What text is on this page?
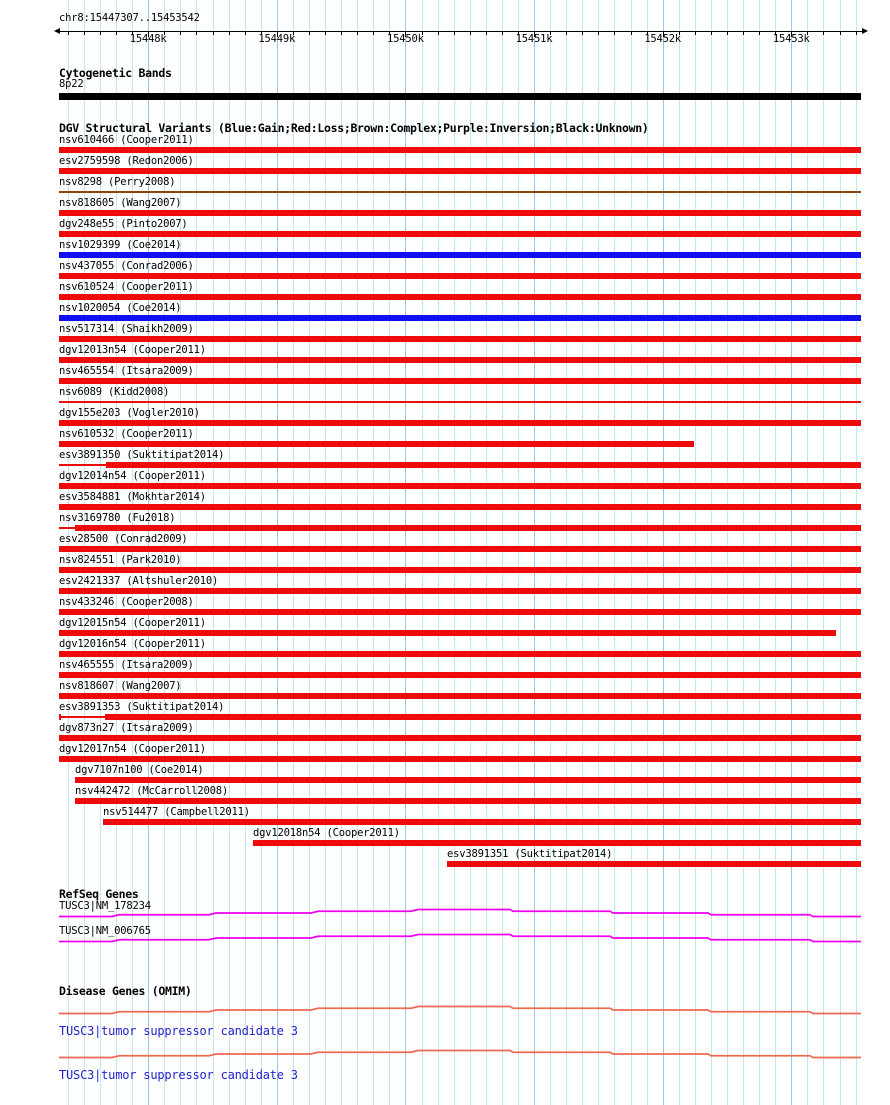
chr8:15447307..15453542
15448k	15449k	15450k	15451k	15452k	15453k
Cytogenetic Bands
8p22
DGV Structural Variants (Blue:Gain;Red:Loss;Brown:Complex;Purple:Inversion;Black:Unknown)
nsv610466 (Cooper2011)
esv2759598 (Redon2006)
nsv8298 (Perry2008)
nsv818605 (Wang2007)
dgv248e55 (Pinto2007)
nsv1029399 (Coe2014)
nsv437055 (Conrad2006)
nsv610524 (Cooper2011)
nsv1020054 (Coe2014)
nsv517314 (Shaikh2009)
dgv12013n54 (Cooper2011)
nsv465554 (Itsara2009)
nsv6089 (Kidd2008)
dgv155e203 (Vogler2010)
nsv610532 (Cooper2011)
esv3891350 (Suktitipat2014)
dgv12014n54 (Cooper2011)
esv3584881 (Mokhtar2014)
nsv3169780 (Fu2018)
esv28500 (Conrad2009)
nsv824551 (Park2010)
esv2421337 (Altshuler2010)
nsv433246 (Cooper2008)
dgv12015n54 (Cooper2011)
dgv12016n54 (Cooper2011)
nsv465555 (Itsara2009)
nsv818607 (Wang2007)
esv3891353 (Suktitipat2014)
dgv873n27 (Itsara2009)
dgv12017n54 (Cooper2011)
dgv7107n100 (Coe2014)
nsv442472 (McCarroll2008)
nsv514477 (Campbell2011)
dgv12018n54 (Cooper2011)
esv3891351 (Suktitipat2014)
RefSeq Genes
TUSC3|NM_178234
TUSC3|NM_006765
Disease Genes (OMIM)
TUSC3|tumor suppressor candidate 3
TUSC3|tumor suppressor candidate 3
